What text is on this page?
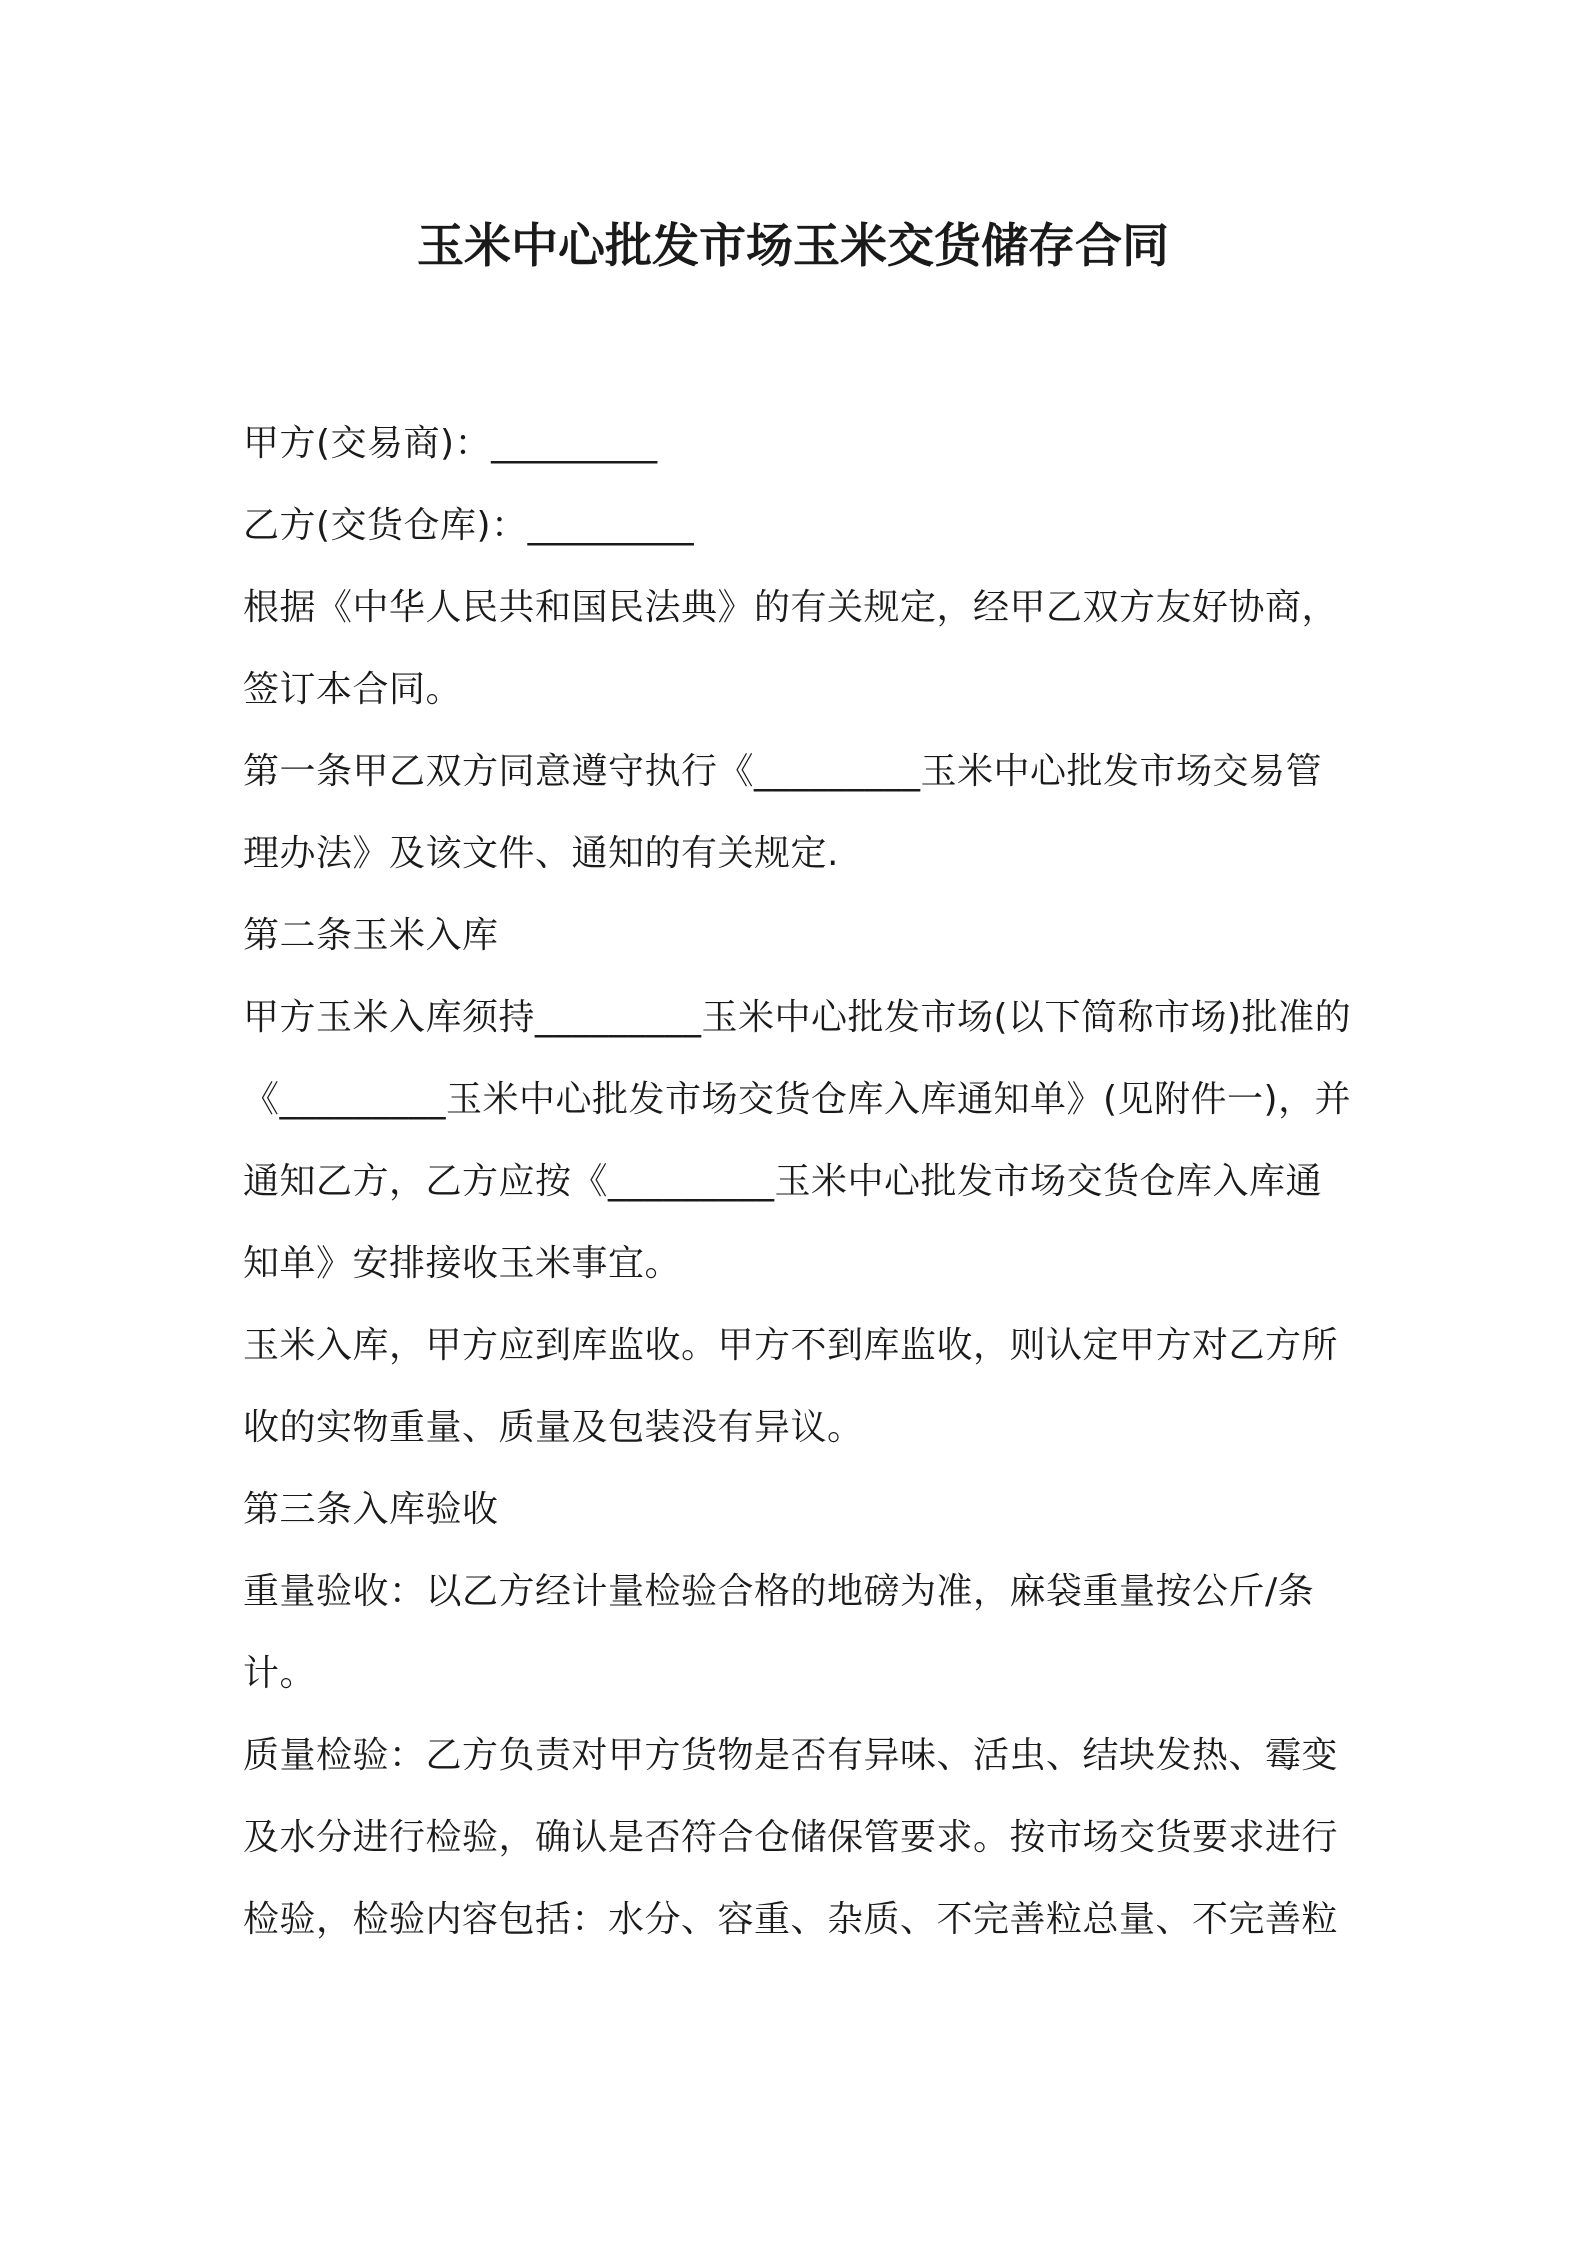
玉米中心批发市场玉米交货储存合同

甲方(交易商)：_________

乙方(交货仓库)：_________

根据《中华人民共和国民法典》的有关规定，经甲乙双方友好协商，签订本合同。

第一条甲乙双方同意遵守执行《_________玉米中心批发市场交易管理办法》及该文件、通知的有关规定.

第二条玉米入库

甲方玉米入库须持_________玉米中心批发市场(以下简称市场)批准的《_________玉米中心批发市场交货仓库入库通知单》(见附件一)，并通知乙方，乙方应按《_________玉米中心批发市场交货仓库入库通知单》安排接收玉米事宜。

玉米入库，甲方应到库监收。甲方不到库监收，则认定甲方对乙方所收的实物重量、质量及包装没有异议。

第三条入库验收

重量验收：以乙方经计量检验合格的地磅为准，麻袋重量按公斤/条计。

质量检验：乙方负责对甲方货物是否有异味、活虫、结块发热、霉变及水分进行检验，确认是否符合仓储保管要求。按市场交货要求进行检验，检验内容包括：水分、容重、杂质、不完善粒总量、不完善粒
